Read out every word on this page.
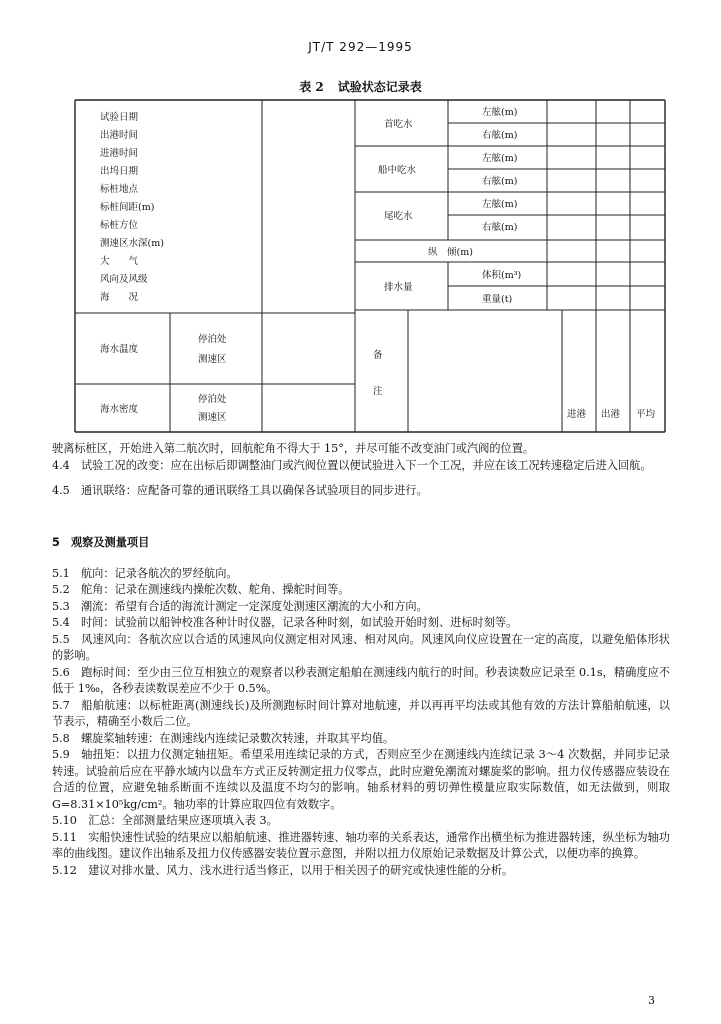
JT/T 292—1995
表 2 试验状态记录表
试验日期
出港时间
进港时间
出坞日期
标桩地点
标桩间距(m)
标桩方位
测速区水深(m)
大　　气
风向及风级
海　　况
海水温度
停泊处
测速区
海水密度
停泊处
测速区
首吃水
左舷(m)
右舷(m)
船中吃水
左舷(m)
右舷(m)
尾吃水
左舷(m)
右舷(m)
纵　倾(m)
排水量
体积(m³)
重量(t)
备
注
进港 出港 平均

驶离标桩区，开始进入第二航次时，回航舵角不得大于 15°，并尽可能不改变油门或汽阀的位置。

4.4　试验工况的改变：应在出标后即调整油门或汽阀位置以便试验进入下一个工况，并应在该工况转速稳定后进入回航。

4.5　通讯联络：应配备可靠的通讯联络工具以确保各试验项目的同步进行。

5　观察及测量项目

5.1　航向：记录各航次的罗经航向。

5.2　舵角：记录在测速线内操舵次数、舵角、操舵时间等。

5.3　潮流：希望有合适的海流计测定一定深度处测速区潮流的大小和方向。

5.4　时间：试验前以船钟校准各种计时仪器，记录各种时刻，如试验开始时刻、进标时刻等。

5.5　风速风向：各航次应以合适的风速风向仪测定相对风速、相对风向。风速风向仪应设置在一定的高度，以避免船体形状的影响。

5.6　跑标时间：至少由三位互相独立的观察者以秒表测定船舶在测速线内航行的时间。秒表读数应记录至 0.1s，精确度应不低于 1‰，各秒表读数误差应不少于 0.5%。

5.7　船舶航速：以标桩距离(测速线长)及所测跑标时间计算对地航速，并以再再平均法或其他有效的方法计算船舶航速，以节表示，精确至小数后二位。

5.8　螺旋桨轴转速：在测速线内连续记录數次转速，并取其平均值。

5.9　轴扭矩：以扭力仪测定轴扭矩。希望采用连续记录的方式，否则应至少在测速线内连续记录 3～4 次数据，并同步记录转速。试验前后应在平静水域内以盘车方式正反转测定扭力仪零点，此时应避免潮流对螺旋桨的影响。扭力仪传感器应装设在合适的位置，应避免轴系断面不连续以及温度不均匀的影响。轴系材料的剪切弹性模量应取实际数值，如无法做到，则取 G=8.31×10⁵kg/cm²。轴功率的计算应取四位有效数字。

5.10　汇总：全部测量结果应逐项填入表 3。

5.11　实船快速性试验的结果应以船舶航速、推进器转速、轴功率的关系表达，通常作出横坐标为推进器转速，纵坐标为轴功率的曲线图。建议作出轴系及扭力仪传感器安装位置示意图，并附以扭力仪原始记录数据及计算公式，以便功率的换算。

5.12　建议对排水量、风力、浅水进行适当修正，以用于相关因子的研究或快速性能的分析。

3
